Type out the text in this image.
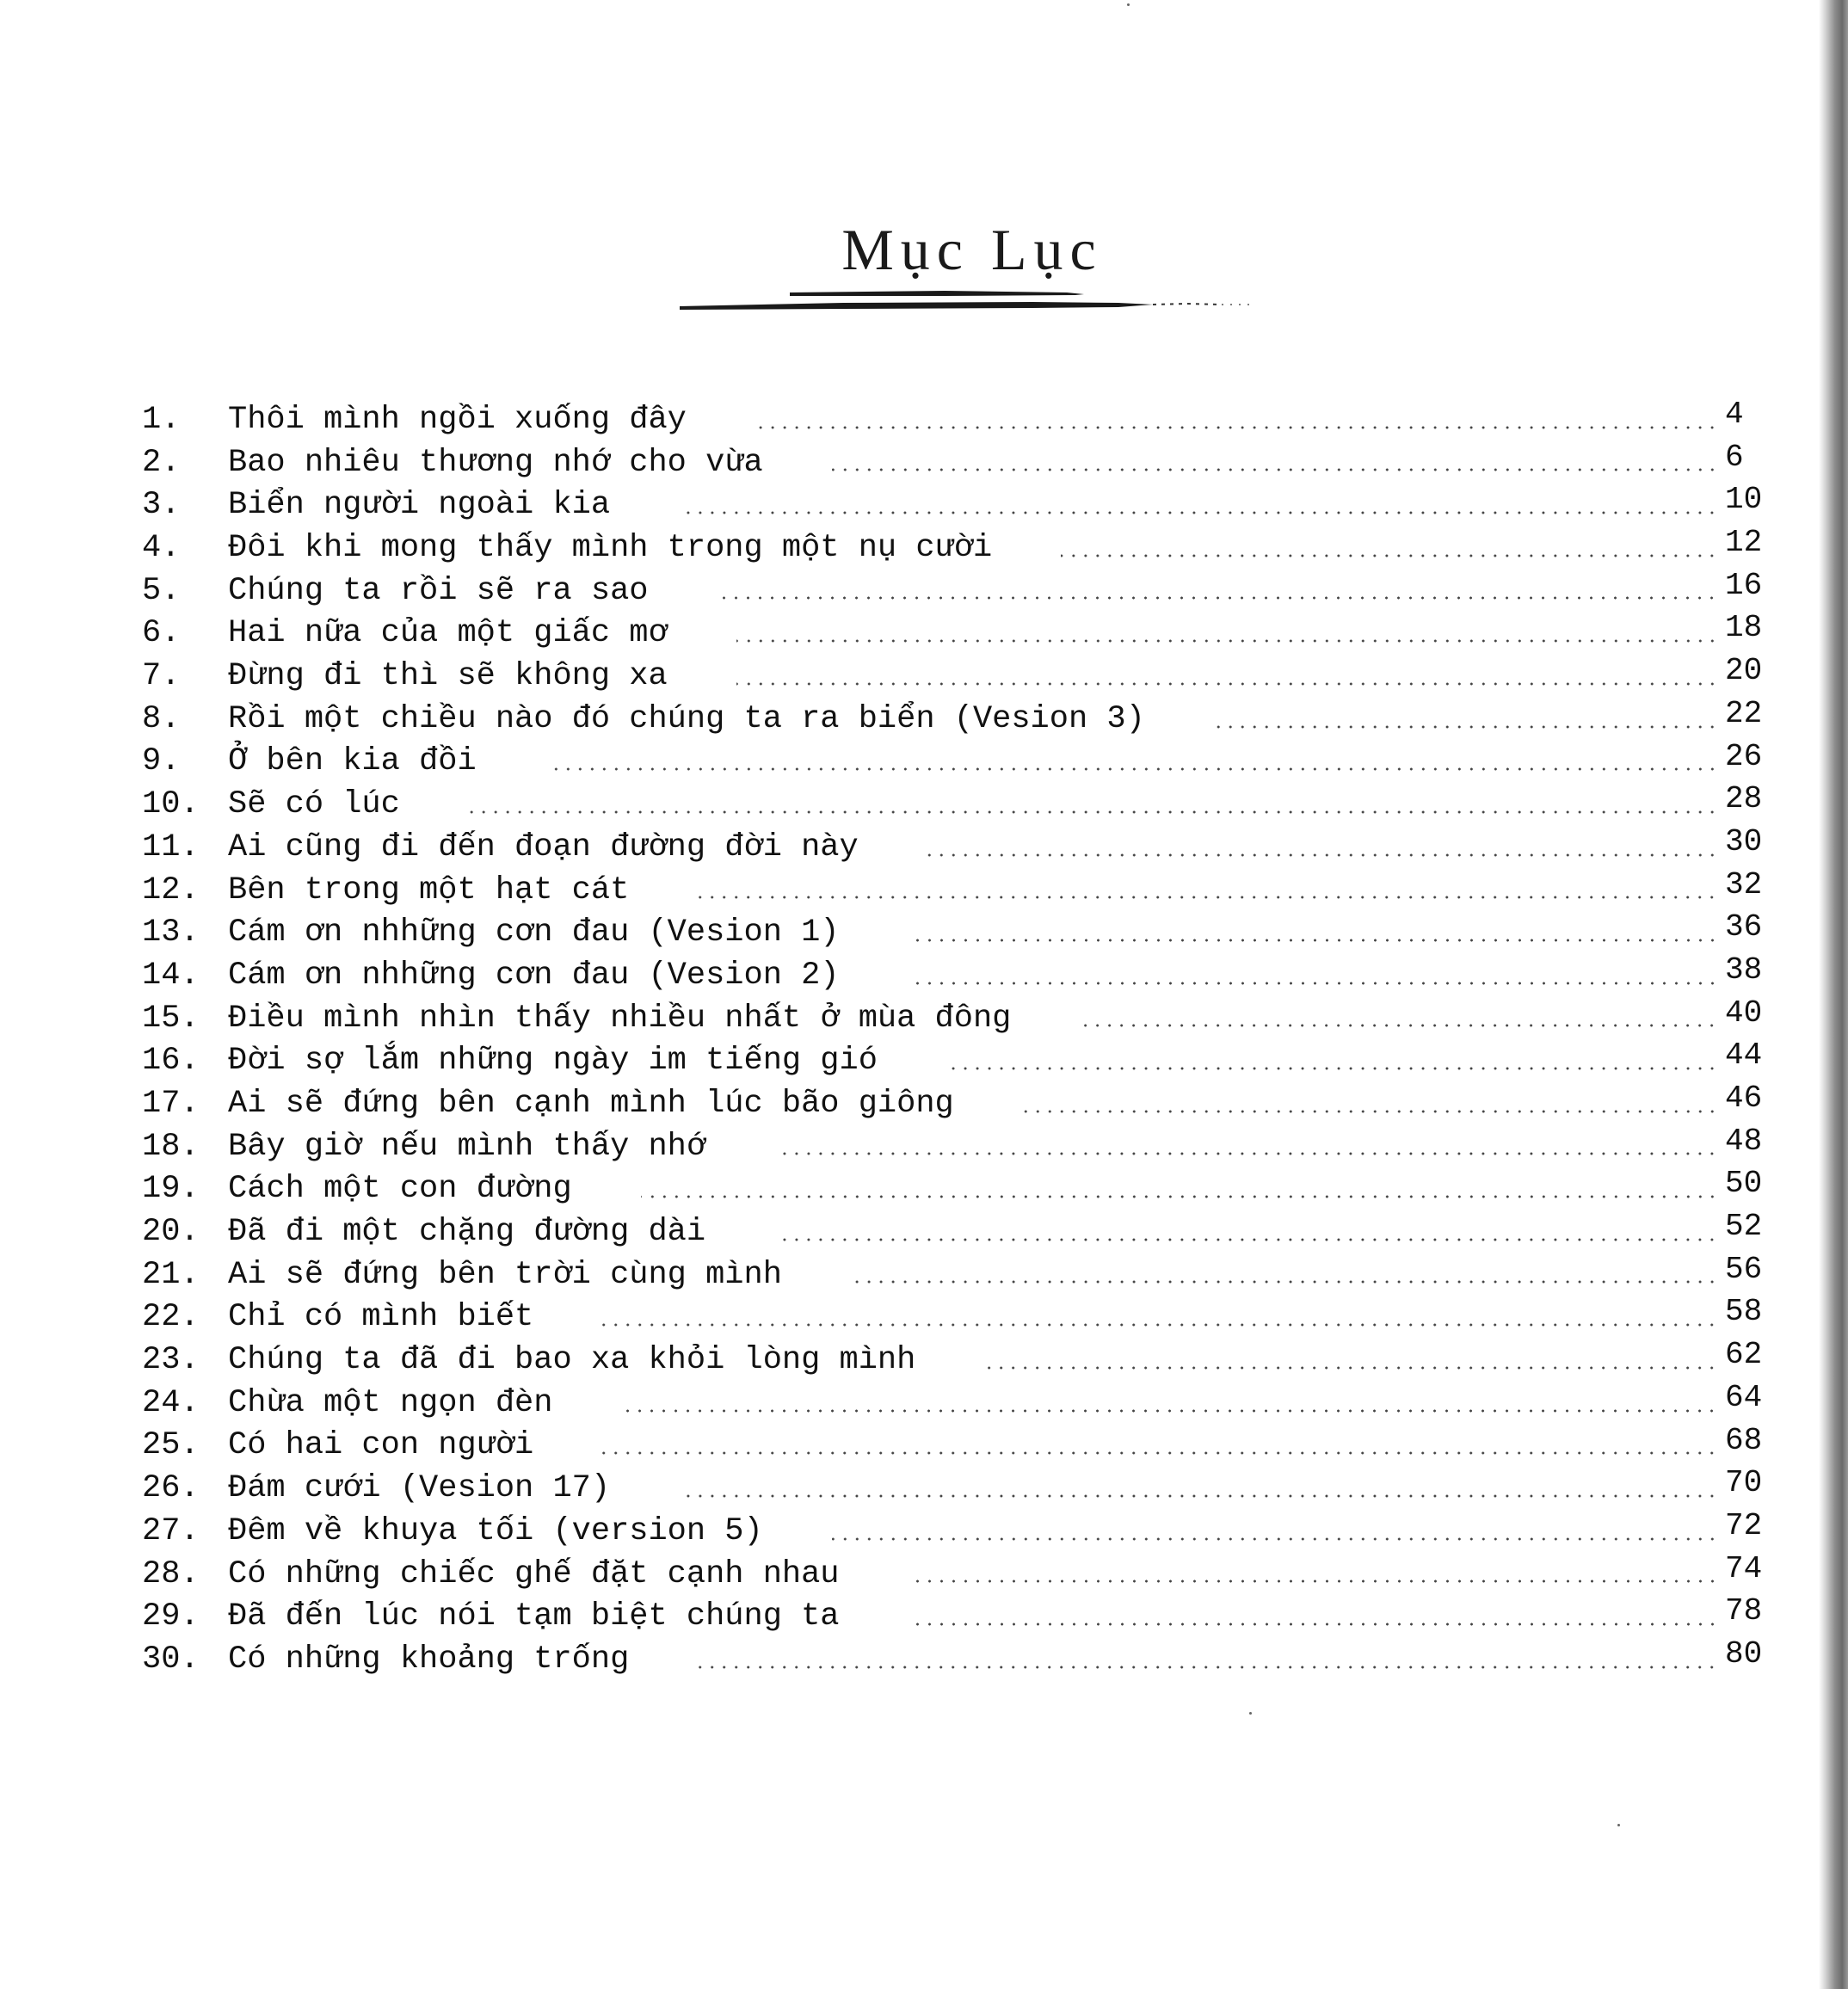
Mục Lục
1.	Thôi mình ngồi xuống đây	4
2.	Bao nhiêu thương nhớ cho vừa	6
3.	Biển người ngoài kia	10
4.	Đôi khi mong thấy mình trong một nụ cười	12
5.	Chúng ta rồi sẽ ra sao	16
6.	Hai nữa của một giấc mơ	18
7.	Đừng đi thì sẽ không xa	20
8.	Rồi một chiều nào đó chúng ta ra biển (Vesion 3)	22
9.	Ở bên kia đồi	26
10. Sẽ có lúc	28
11. Ai cũng đi đến đoạn đường đời này	30
12. Bên trong một hạt cát	32
13. Cám ơn nhhững cơn đau (Vesion 1)	36
14. Cám ơn nhhững cơn đau (Vesion 2)	38
15. Điều mình nhìn thấy nhiều nhất ở mùa đông	40
16. Đời sợ lắm những ngày im tiếng gió	44
17. Ai sẽ đứng bên cạnh mình lúc bão giông	46
18. Bây giờ nếu mình thấy nhớ	48
19. Cách một con đường	50
20. Đã đi một chặng đường dài	52
21. Ai sẽ đứng bên trời cùng mình	56
22. Chỉ có mình biết	58
23. Chúng ta đã đi bao xa khỏi lòng mình	62
24. Chừa một ngọn đèn	64
25. Có hai con người	68
26. Đám cưới (Vesion 17)	70
27. Đêm về khuya tối (version 5)	72
28. Có những chiếc ghế đặt cạnh nhau	74
29. Đã đến lúc nói tạm biệt chúng ta	78
30. Có những khoảng trống	80
